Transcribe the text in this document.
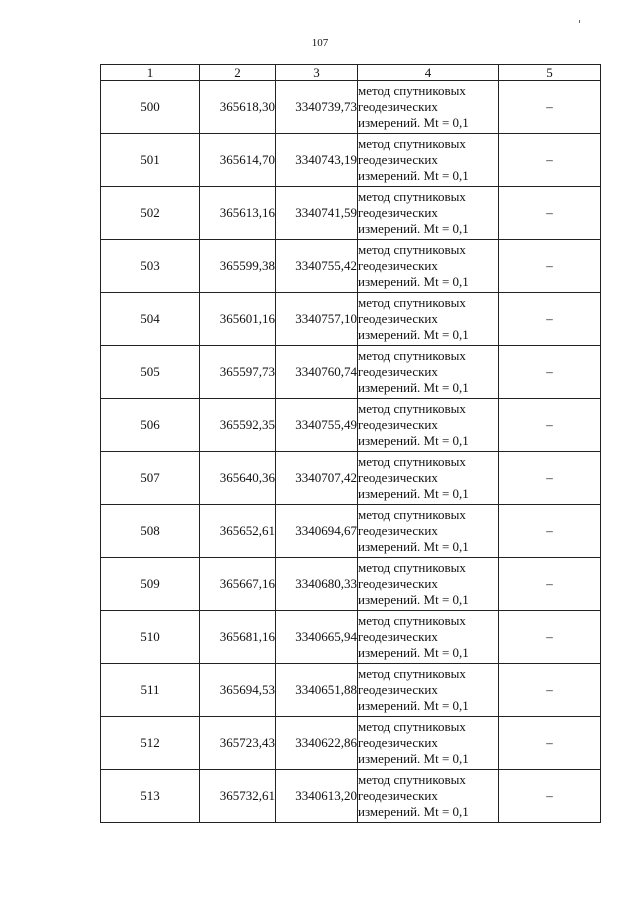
107
1	2	3	4	5
500	365618,30	3340739,73	метод спутниковых
геодезических
измерений. Mt = 0,1	–
501	365614,70	3340743,19	метод спутниковых
геодезических
измерений. Mt = 0,1	–
502	365613,16	3340741,59	метод спутниковых
геодезических
измерений. Mt = 0,1	–
503	365599,38	3340755,42	метод спутниковых
геодезических
измерений. Mt = 0,1	–
504	365601,16	3340757,10	метод спутниковых
геодезических
измерений. Mt = 0,1	–
505	365597,73	3340760,74	метод спутниковых
геодезических
измерений. Mt = 0,1	–
506	365592,35	3340755,49	метод спутниковых
геодезических
измерений. Mt = 0,1	–
507	365640,36	3340707,42	метод спутниковых
геодезических
измерений. Mt = 0,1	–
508	365652,61	3340694,67	метод спутниковых
геодезических
измерений. Mt = 0,1	–
509	365667,16	3340680,33	метод спутниковых
геодезических
измерений. Mt = 0,1	–
510	365681,16	3340665,94	метод спутниковых
геодезических
измерений. Mt = 0,1	–
511	365694,53	3340651,88	метод спутниковых
геодезических
измерений. Mt = 0,1	–
512	365723,43	3340622,86	метод спутниковых
геодезических
измерений. Mt = 0,1	–
513	365732,61	3340613,20	метод спутниковых
геодезических
измерений. Mt = 0,1	–
